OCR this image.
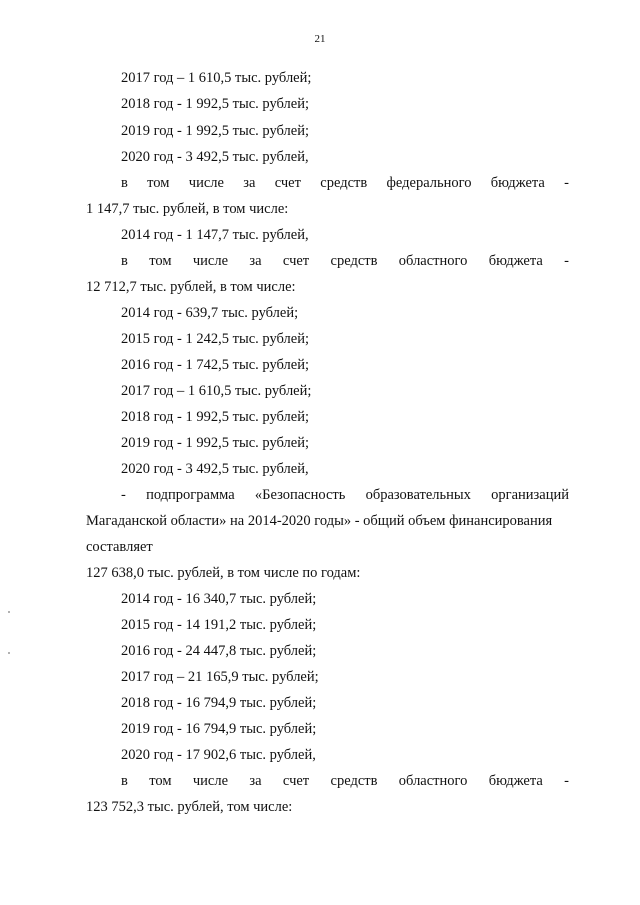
21
2017 год – 1 610,5 тыс. рублей;
2018 год - 1 992,5 тыс. рублей;
2019 год - 1 992,5 тыс. рублей;
2020 год - 3 492,5 тыс. рублей,
в том числе за счет средств федерального бюджета -
1 147,7 тыс. рублей, в том числе:
2014 год - 1 147,7 тыс. рублей,
в том числе за счет средств областного бюджета -
12 712,7 тыс. рублей, в том числе:
2014 год - 639,7 тыс. рублей;
2015 год - 1 242,5 тыс. рублей;
2016 год - 1 742,5 тыс. рублей;
2017 год – 1 610,5 тыс. рублей;
2018 год - 1 992,5 тыс. рублей;
2019 год - 1 992,5 тыс. рублей;
2020 год - 3 492,5 тыс. рублей,
- подпрограмма «Безопасность образовательных организаций
Магаданской области» на 2014-2020 годы» - общий объем финансирования
составляет
127 638,0 тыс. рублей, в том числе по годам:
2014 год - 16 340,7 тыс. рублей;
2015 год - 14 191,2 тыс. рублей;
2016 год - 24 447,8 тыс. рублей;
2017 год – 21 165,9 тыс. рублей;
2018 год - 16 794,9 тыс. рублей;
2019 год - 16 794,9 тыс. рублей;
2020 год - 17 902,6 тыс. рублей,
в том числе за счет средств областного бюджета -
123 752,3 тыс. рублей, том числе:
